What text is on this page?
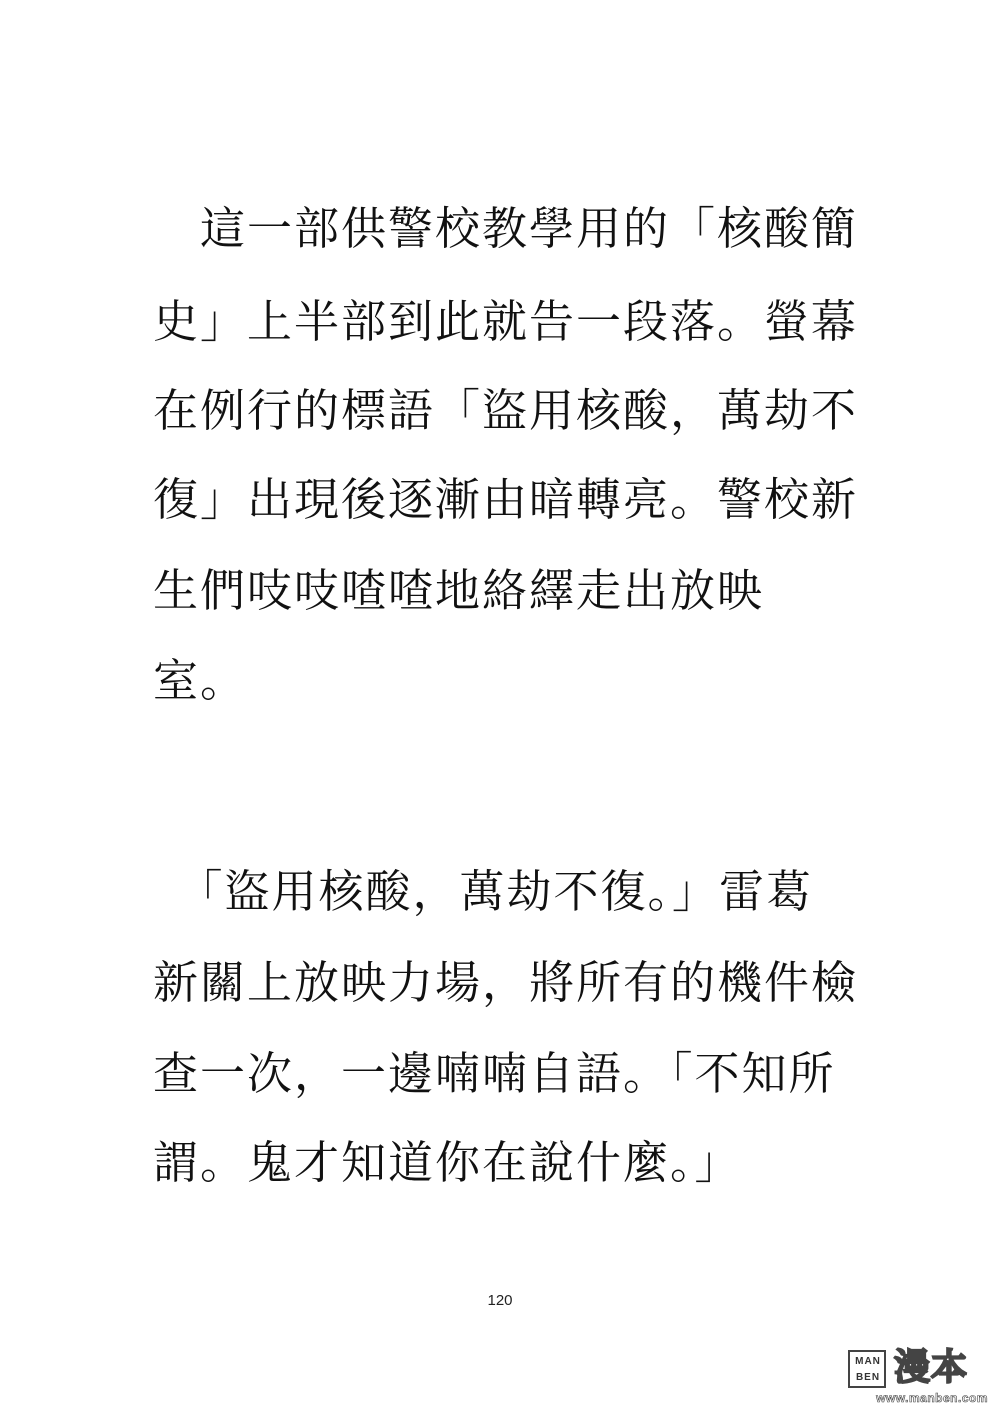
　這一部供警校教學用的「核酸簡
史」上半部到此就告一段落。螢幕
在例行的標語「盜用核酸，萬劫不
復」出現後逐漸由暗轉亮。警校新
生們吱吱喳喳地絡繹走出放映
室。
　「盜用核酸，萬劫不復。」雷葛
新關上放映力場，將所有的機件檢
查一次，一邊喃喃自語。「不知所
謂。鬼才知道你在說什麼。」
120
MAN
BEN 漫本
www.manben.com
